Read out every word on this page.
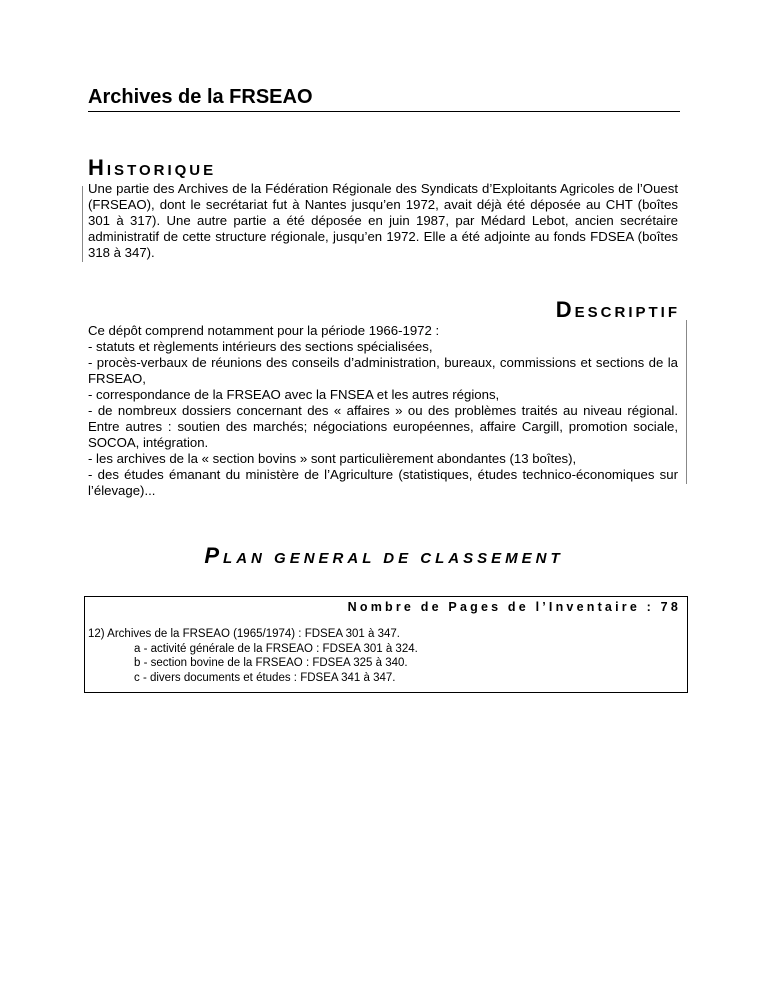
Archives de la FRSEAO
HISTORIQUE
Une partie des Archives de la Fédération Régionale des Syndicats d’Exploitants Agricoles de l’Ouest (FRSEAO), dont le secrétariat fut à Nantes jusqu’en 1972, avait déjà été déposée au CHT (boîtes 301 à 317). Une autre partie a été déposée en juin 1987, par Médard Lebot, ancien secrétaire administratif de cette structure régionale, jusqu’en 1972. Elle a été adjointe au fonds FDSEA (boîtes 318 à 347).
DESCRIPTIF
Ce dépôt comprend notamment pour la période 1966-1972 :
- statuts et règlements intérieurs des sections spécialisées,
- procès-verbaux de réunions des conseils d’administration, bureaux, commissions et sections de la FRSEAO,
- correspondance de la FRSEAO avec la FNSEA et les autres régions,
- de nombreux dossiers concernant des « affaires » ou des problèmes traités au niveau régional. Entre autres : soutien des marchés; négociations européennes, affaire Cargill, promotion sociale, SOCOA, intégration.
- les archives de la « section bovins » sont particulièrement abondantes (13 boîtes),
- des études émanant du ministère de l’Agriculture (statistiques, études technico-économiques sur l’élevage)...
PLAN GENERAL DE CLASSEMENT
Nombre de Pages de l’Inventaire : 78
12) Archives de la FRSEAO (1965/1974) : FDSEA 301 à 347.
a - activité générale de la FRSEAO : FDSEA 301 à 324.
b - section bovine de la FRSEAO : FDSEA 325 à 340.
c - divers documents et études : FDSEA 341 à 347.
